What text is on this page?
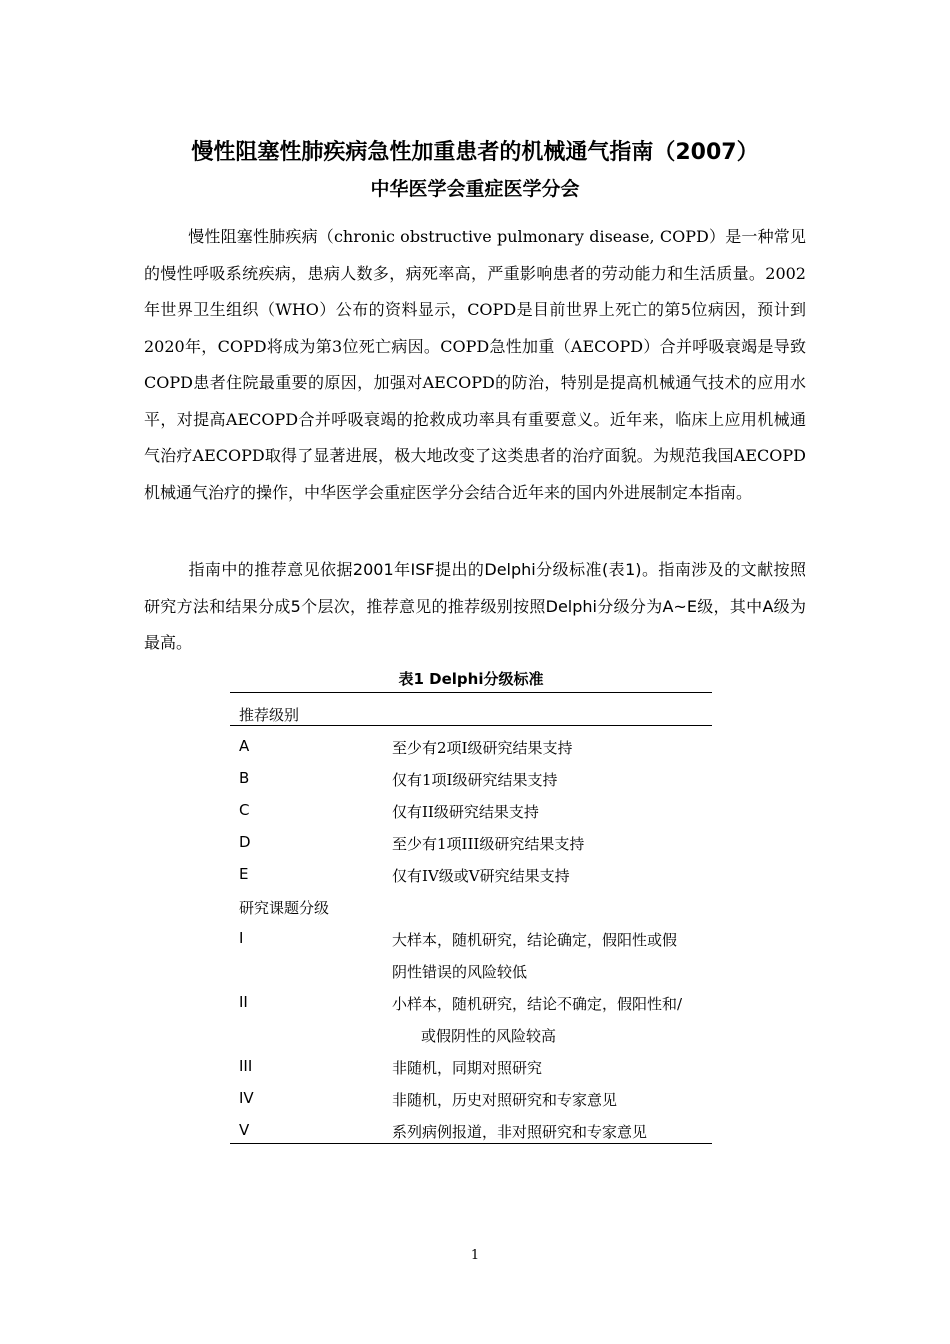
慢性阻塞性肺疾病急性加重患者的机械通气指南（2007）
中华医学会重症医学分会

慢性阻塞性肺疾病（chronic obstructive pulmonary disease, COPD）是一种常见的慢性呼吸系统疾病，患病人数多，病死率高，严重影响患者的劳动能力和生活质量。2002年世界卫生组织（WHO）公布的资料显示，COPD是目前世界上死亡的第5位病因，预计到2020年，COPD将成为第3位死亡病因。COPD急性加重（AECOPD）合并呼吸衰竭是导致COPD患者住院最重要的原因，加强对AECOPD的防治，特别是提高机械通气技术的应用水平，对提高AECOPD合并呼吸衰竭的抢救成功率具有重要意义。近年来，临床上应用机械通气治疗AECOPD取得了显著进展，极大地改变了这类患者的治疗面貌。为规范我国AECOPD机械通气治疗的操作，中华医学会重症医学分会结合近年来的国内外进展制定本指南。

指南中的推荐意见依据2001年ISF提出的Delphi分级标准(表1)。指南涉及的文献按照研究方法和结果分成5个层次，推荐意见的推荐级别按照Delphi分级分为A~E级，其中A级为最高。

表1 Delphi分级标准
推荐级别
A	至少有2项I级研究结果支持
B	仅有1项I级研究结果支持
C	仅有II级研究结果支持
D	至少有1项III级研究结果支持
E	仅有IV级或V研究结果支持
研究课题分级
I	大样本，随机研究，结论确定，假阳性或假
阴性错误的风险较低
II	小样本，随机研究，结论不确定，假阳性和/
或假阴性的风险较高
III	非随机，同期对照研究
IV	非随机，历史对照研究和专家意见
V	系列病例报道，非对照研究和专家意见
1
